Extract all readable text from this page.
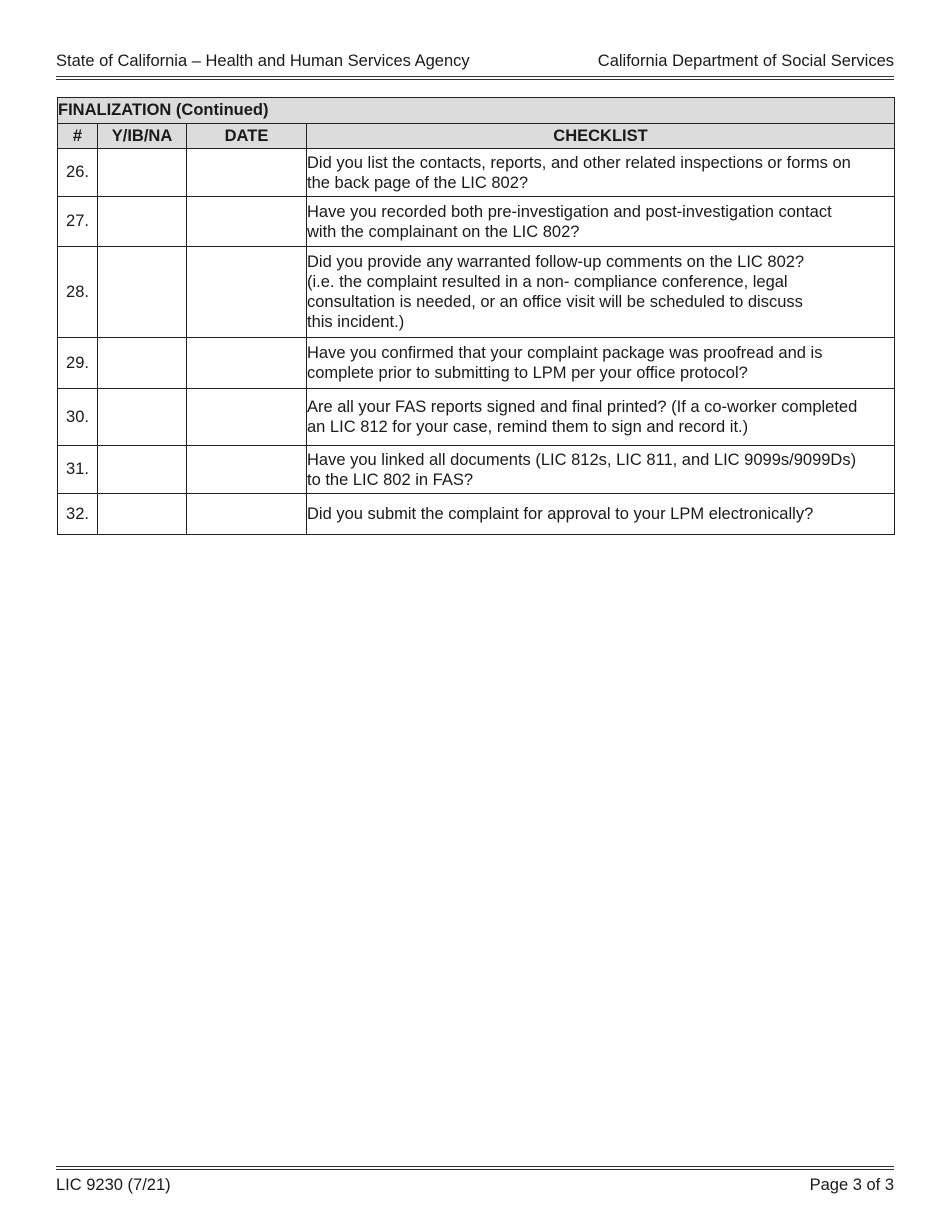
State of California – Health and Human Services Agency	California Department of Social Services
FINALIZATION (Continued)			
#	Y/IB/NA	DATE	CHECKLIST
26.			Did you list the contacts, reports, and other related inspections or forms on
the back page of the LIC 802?
27.			Have you recorded both pre-investigation and post-investigation contact
with the complainant on the LIC 802?
28.			Did you provide any warranted follow-up comments on the LIC 802?
(i.e. the complaint resulted in a non- compliance conference, legal
consultation is needed, or an office visit will be scheduled to discuss
this incident.)
29.			Have you confirmed that your complaint package was proofread and is
complete prior to submitting to LPM per your office protocol?
30.			Are all your FAS reports signed and final printed? (If a co-worker completed
an LIC 812 for your case, remind them to sign and record it.)
31.			Have you linked all documents (LIC 812s, LIC 811, and LIC 9099s/9099Ds)
to the LIC 802 in FAS?
32.			Did you submit the complaint for approval to your LPM electronically?
LIC 9230 (7/21)	Page 3 of 3
